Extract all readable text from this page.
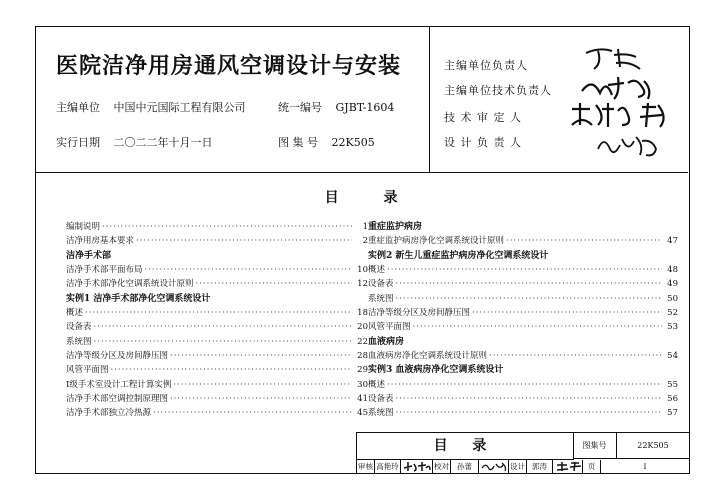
医院洁净用房通风空调设计与安装
主编单位 中国中元国际工程有限公司	统一编号 GJBT-1604
实行日期 二〇二二年十月一日	图 集 号 22K505
主编单位负责人
主编单位技术负责人
技 术 审 定 人
设 计 负 责 人
目	录
编制说明 ·····	1
洁净用房基本要求 ·····	2
洁净手术部
洁净手术部平面布局 ·····	10
洁净手术部净化空调系统设计原则 ·····	12
实例1 洁净手术部净化空调系统设计
概述 ·····	18
设备表 ·····	20
系统图 ·····	22
洁净等级分区及房间静压图 ·····	28
风管平面图 ·····	29
Ⅰ级手术室设计工程计算实例 ·····	30
洁净手术部空调控制原理图 ·····	41
洁净手术部独立冷热源 ·····	45
重症监护病房
重症监护病房净化空调系统设计原则 ·····	47
实例2 新生儿重症监护病房净化空调系统设计
概述 ·····	48
设备表 ·····	49
系统图 ·····	50
洁净等级分区及房间静压图 ·····	52
风管平面图 ·····	53
血液病房
血液病房净化空调系统设计原则 ·····	54
实例3 血液病房净化空调系统设计
概述 ·····	55
设备表 ·····	56
系统图 ·····	57
目 录	图集号	22K505
审核 高艳玲	校对	孙蕾	设计 郭涛	页	I
